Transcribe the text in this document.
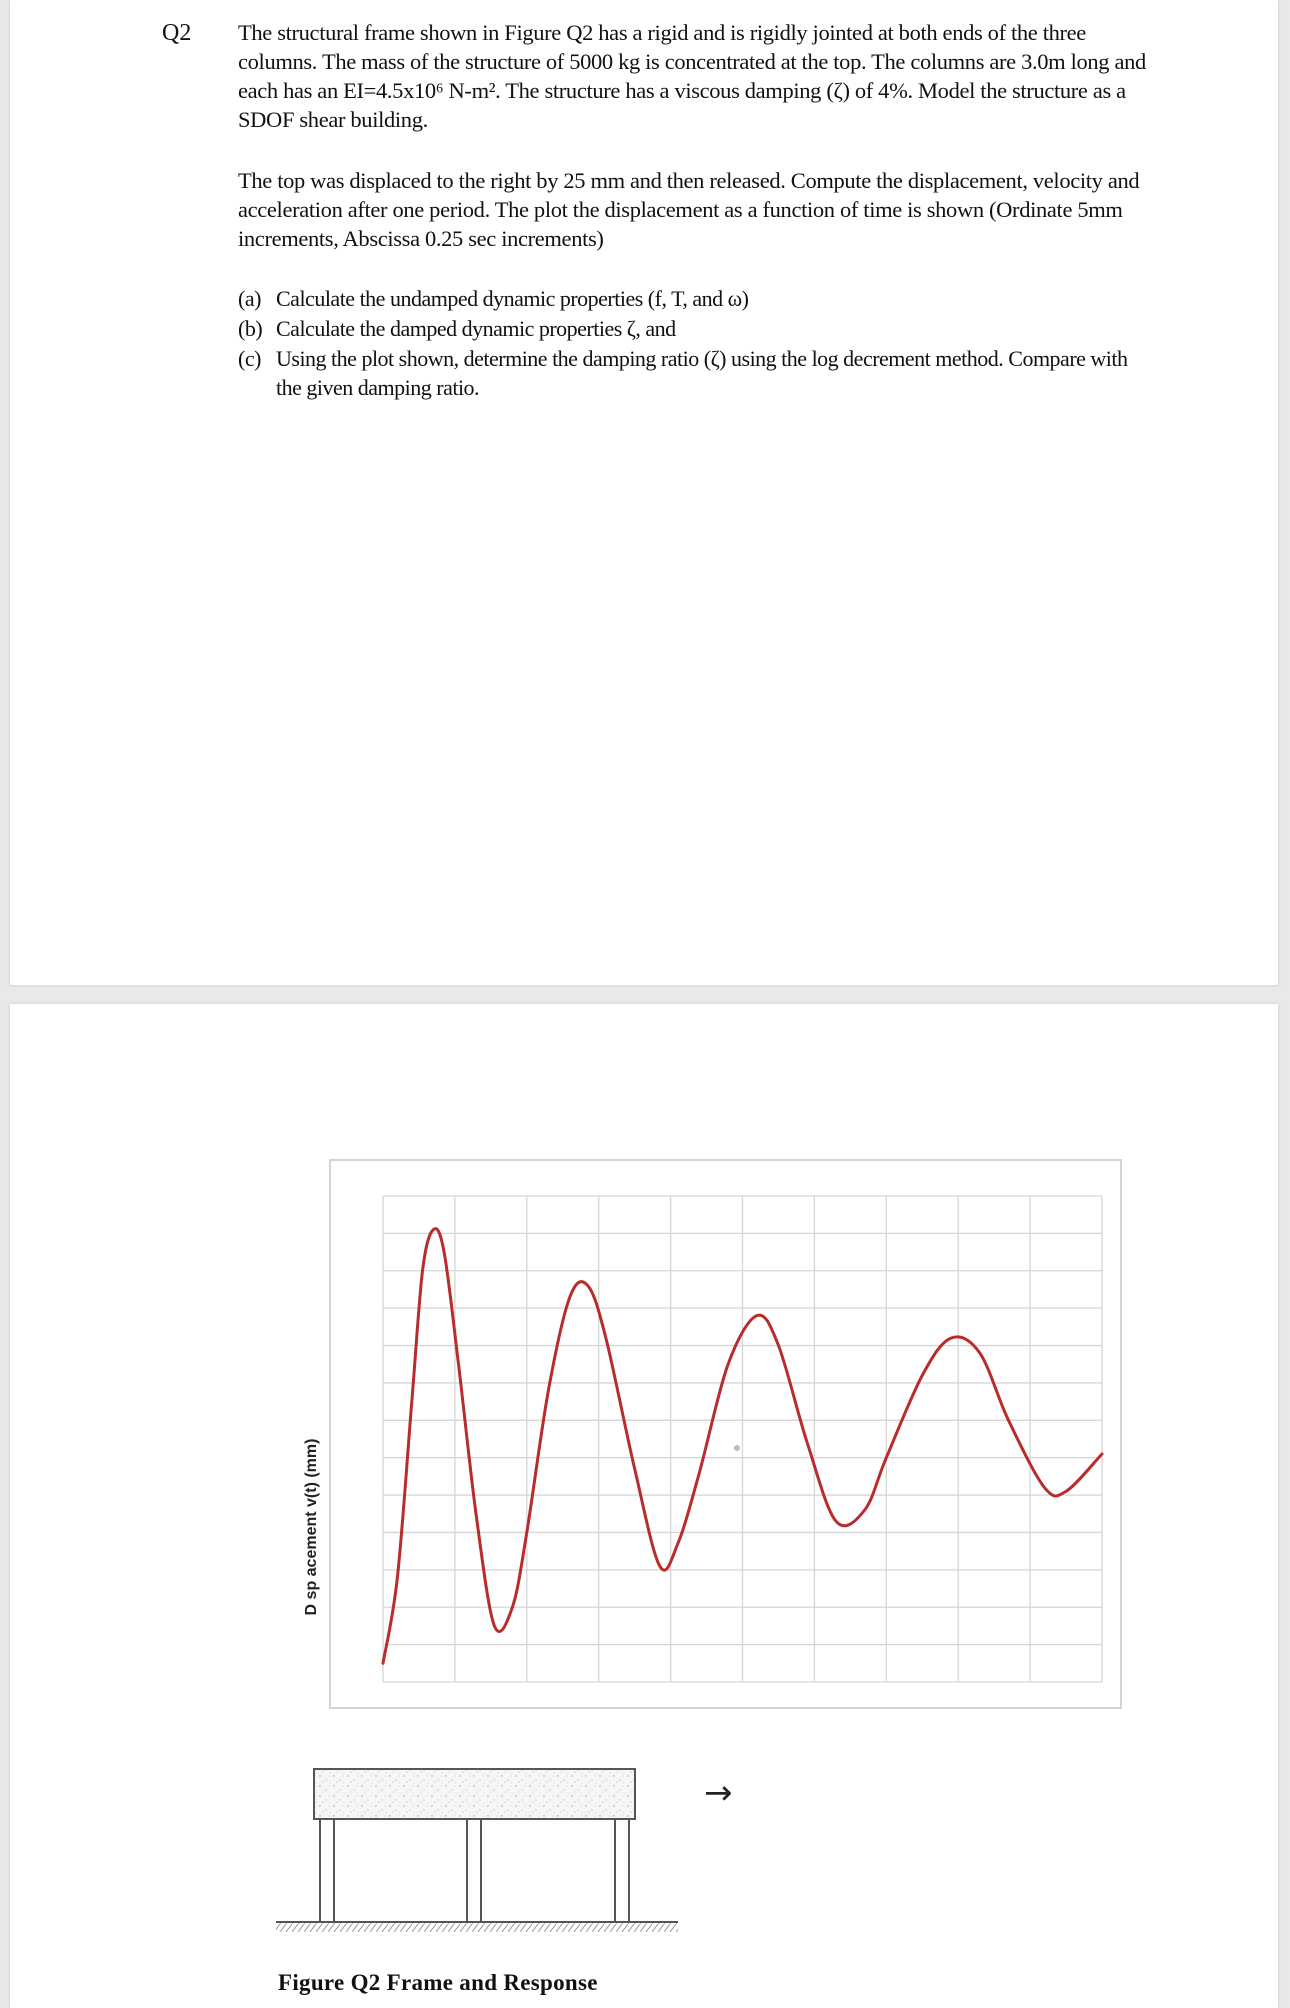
Q2 The structural frame shown in Figure Q2 has a rigid and is rigidly jointed at both ends of the three columns. The mass of the structure of 5000 kg is concentrated at the top. The columns are 3.0m long and each has an EI=4.5x10⁶ N-m². The structure has a viscous damping (ζ) of 4%. Model the structure as a SDOF shear building.
The top was displaced to the right by 25 mm and then released. Compute the displacement, velocity and acceleration after one period. The plot the displacement as a function of time is shown (Ordinate 5mm increments, Abscissa 0.25 sec increments)
(a) Calculate the undamped dynamic properties (f, T, and ω)
(b) Calculate the damped dynamic properties ζ, and
(c) Using the plot shown, determine the damping ratio (ζ) using the log decrement method. Compare with the given damping ratio.
D sp acement v(t) (mm)
→
Figure Q2 Frame and Response
